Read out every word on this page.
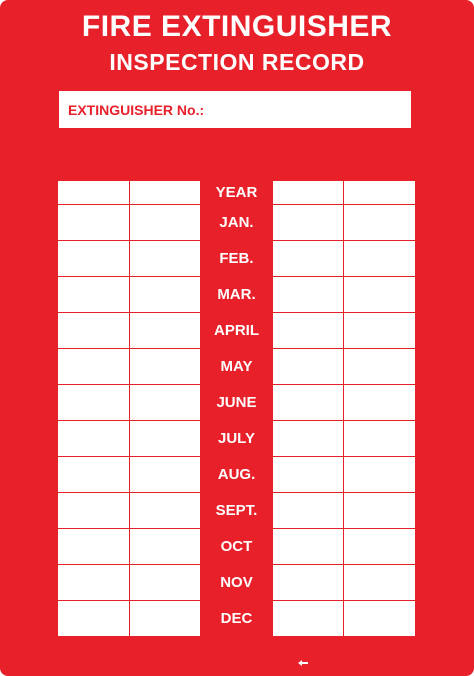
FIRE EXTINGUISHER
INSPECTION RECORD
EXTINGUISHER No.:
		YEAR		
		JAN.		
		FEB.		
		MAR.		
		APRIL		
		MAY		
		JUNE		
		JULY		
		AUG.		
		SEPT.		
		OCT		
		NOV		
		DEC		
